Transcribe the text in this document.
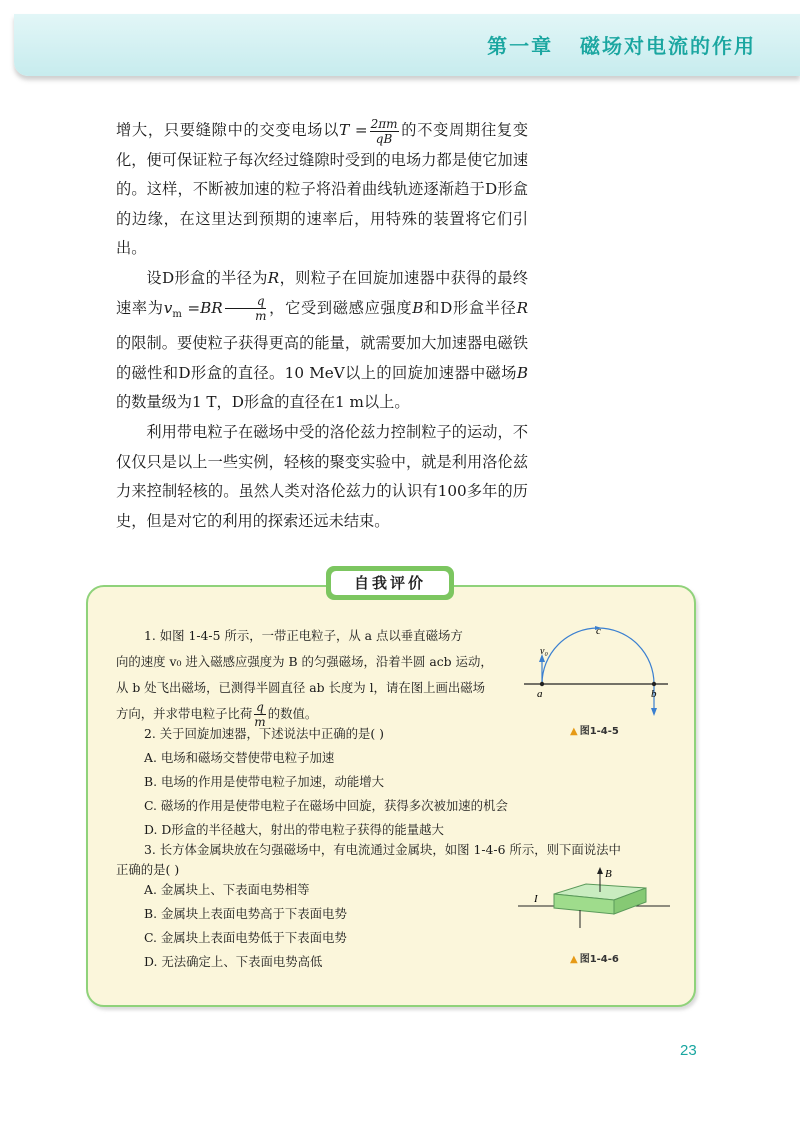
第一章   磁场对电流的作用

增大，只要缝隙中的交变电场以$T = \frac{2\pi m}{qB}$ 的不变周期往复变化，便可保证粒子每次经过缝隙时受到的电场力都是使它加速的。这样，不断被加速的粒子将沿着曲线轨迹逐渐趋于D形盒的边缘，在这里达到预期的速率后，用特殊的装置将它们引出。

设D形盒的半径为R，则粒子在回旋加速器中获得的最终速率为$v_m =BR \frac{q}{m}$ ，它受到磁感应强度B和D形盒半径R的限制。要使粒子获得更高的能量，就需要加大加速器电磁铁的磁性和D形盒的直径。10 MeV以上的回旋加速器中磁场B的数量级为1 T，D形盒的直径在1 m以上。

利用带电粒子在磁场中受的洛伦兹力控制粒子的运动，不仅仅只是以上一些实例，轻核的聚变实验中，就是利用洛伦兹力来控制轻核的。虽然人类对洛伦兹力的认识有100多年的历史，但是对它的利用的探索还远未结束。

自我评价
1. 如图 1-4-5 所示，一带正电粒子，从 a 点以垂直磁场方
向的速度 v₀ 进入磁感应强度为 B 的匀强磁场，沿着半圆 acb 运动，
从 b 处飞出磁场，已测得半圆直径 ab 长度为 l，请在图上画出磁场
方向，并求带电粒子比荷 $\frac{q}{m}$ 的数值。
v₀
c
a	b
▲ 图1-4-5
2. 关于回旋加速器，下述说法中正确的是( )
A. 电场和磁场交替使带电粒子加速
B. 电场的作用是使带电粒子加速，动能增大
C. 磁场的作用是使带电粒子在磁场中回旋，获得多次被加速的机会
D. D形盒的半径越大，射出的带电粒子获得的能量越大
3. 长方体金属块放在匀强磁场中，有电流通过金属块，如图 1-4-6 所示，则下面说法中
正确的是( )
A. 金属块上、下表面电势相等
B. 金属块上表面电势高于下表面电势
C. 金属块上表面电势低于下表面电势
D. 无法确定上、下表面电势高低
B
I
▲ 图1-4-6
23
